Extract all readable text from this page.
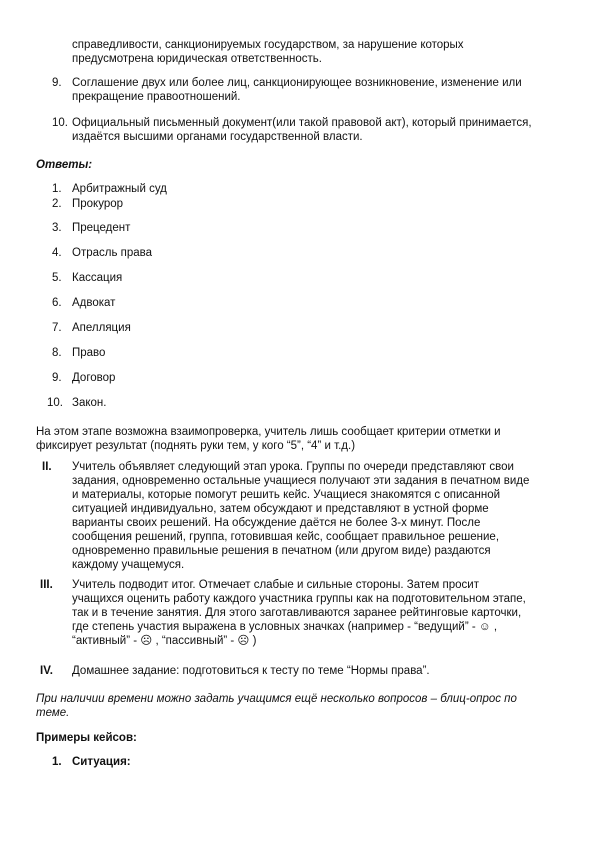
справедливости, санкционируемых государством, за нарушение которых
предусмотрена юридическая ответственность.
9. Соглашение двух или более лиц, санкционирующее возникновение, изменение или
прекращение правоотношений.
10. Официальный письменный документ(или такой правовой акт), который принимается,
издаётся высшими органами государственной власти.
Ответы:
1. Арбитражный суд
2. Прокурор
3. Прецедент
4. Отрасль права
5. Кассация
6. Адвокат
7. Апелляция
8. Право
9. Договор
10. Закон.
На этом этапе возможна взаимопроверка, учитель лишь сообщает критерии отметки и
фиксирует результат (поднять руки тем, у кого “5”, “4” и т.д.)
II. Учитель объявляет следующий этап урока. Группы по очереди представляют свои
задания, одновременно остальные учащиеся получают эти задания в печатном виде
и материалы, которые помогут решить кейс. Учащиеся знакомятся с описанной
ситуацией индивидуально, затем обсуждают и представляют в устной форме
варианты своих решений. На обсуждение даётся не более 3-х минут. После
сообщения решений, группа, готовившая кейс, сообщает правильное решение,
одновременно правильные решения в печатном (или другом виде) раздаются
каждому учащемуся.
III. Учитель подводит итог. Отмечает слабые и сильные стороны. Затем просит
учащихся оценить работу каждого участника группы как на подготовительном этапе,
так и в течение занятия. Для этого заготавливаются заранее рейтинговые карточки,
где степень участия выражена в условных значках (например - “ведущий” - ☺ ,
“активный” - ☹ , “пассивный” - ☹ )
IV. Домашнее задание: подготовиться к тесту по теме “Нормы права”.
При наличии времени можно задать учащимся ещё несколько вопросов – блиц-опрос по
теме.
Примеры кейсов:
1. Ситуация:
